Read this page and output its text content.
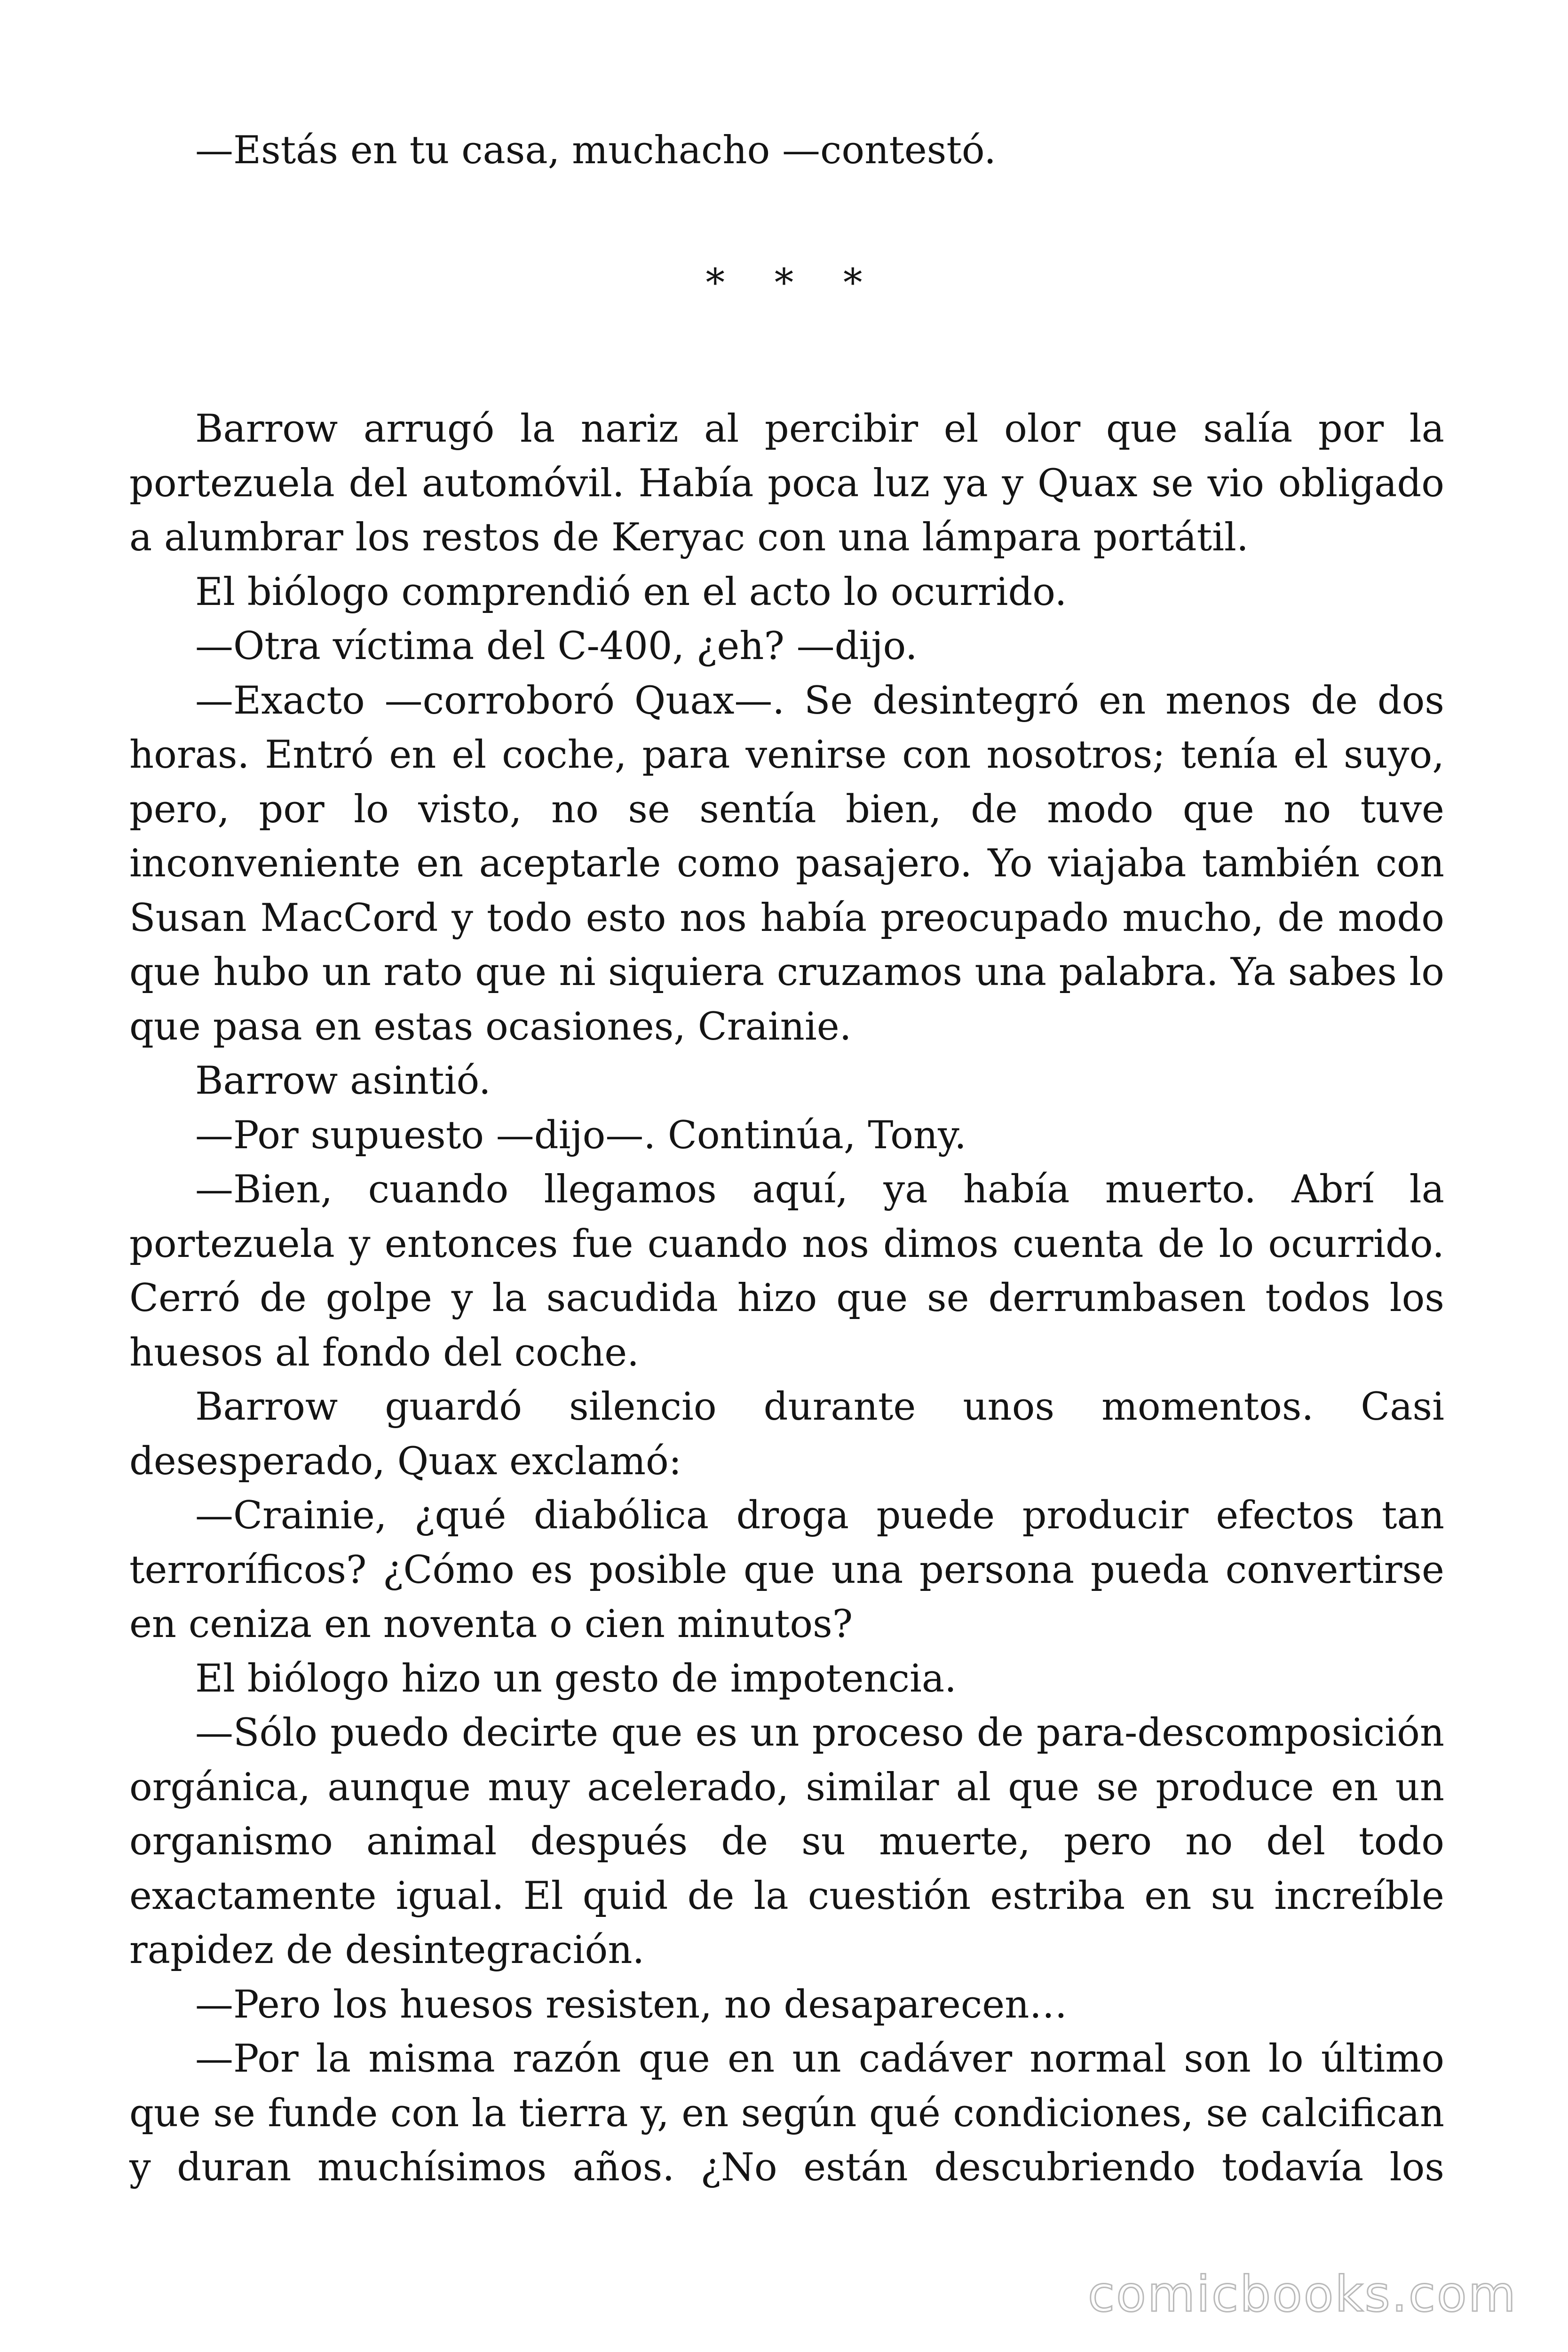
—Estás en tu casa, muchacho —contestó.

* * *

Barrow arrugó la nariz al percibir el olor que salía por la portezuela del automóvil. Había poca luz ya y Quax se vio obligado a alumbrar los restos de Keryac con una lámpara portátil.

El biólogo comprendió en el acto lo ocurrido.

—Otra víctima del C-400, ¿eh? —dijo.

—Exacto —corroboró Quax—. Se desintegró en menos de dos horas. Entró en el coche, para venirse con nosotros; tenía el suyo, pero, por lo visto, no se sentía bien, de modo que no tuve inconveniente en aceptarle como pasajero. Yo viajaba también con Susan MacCord y todo esto nos había preocupado mucho, de modo que hubo un rato que ni siquiera cruzamos una palabra. Ya sabes lo que pasa en estas ocasiones, Crainie.

Barrow asintió.

—Por supuesto —dijo—. Continúa, Tony.

—Bien, cuando llegamos aquí, ya había muerto. Abrí la portezuela y entonces fue cuando nos dimos cuenta de lo ocurrido. Cerró de golpe y la sacudida hizo que se derrumbasen todos los huesos al fondo del coche.

Barrow guardó silencio durante unos momentos. Casi desesperado, Quax exclamó:

—Crainie, ¿qué diabólica droga puede producir efectos tan terroríficos? ¿Cómo es posible que una persona pueda convertirse en ceniza en noventa o cien minutos?

El biólogo hizo un gesto de impotencia.

—Sólo puedo decirte que es un proceso de para-descomposición orgánica, aunque muy acelerado, similar al que se produce en un organismo animal después de su muerte, pero no del todo exactamente igual. El quid de la cuestión estriba en su increíble rapidez de desintegración.

—Pero los huesos resisten, no desaparecen…

—Por la misma razón que en un cadáver normal son lo último que se funde con la tierra y, en según qué condiciones, se calcifican y duran muchísimos años. ¿No están descubriendo todavía los

comicbooks.com
